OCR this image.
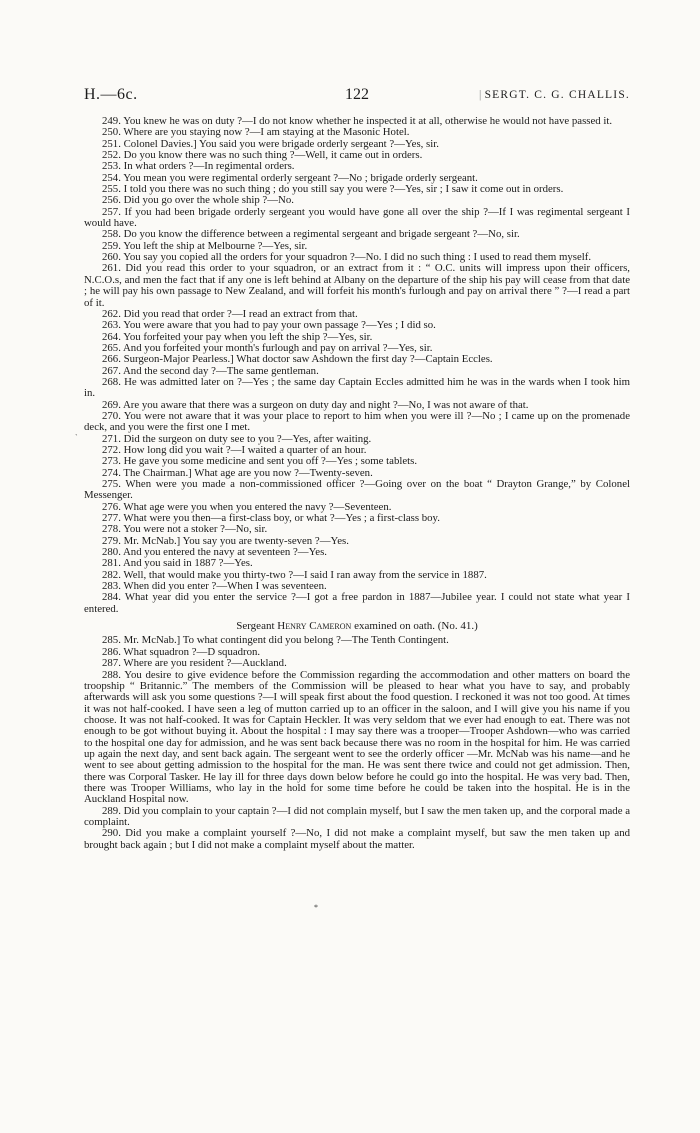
H.—6c.	122	| SERGT. C. G. CHALLIS.
ˋ
*

249. You knew he was on duty ?—I do not know whether he inspected it at all, otherwise he would not have passed it.

250. Where are you staying now ?—I am staying at the Masonic Hotel.

251. Colonel Davies.] You said you were brigade orderly sergeant ?—Yes, sir.

252. Do you know there was no such thing ?—Well, it came out in orders.

253. In what orders ?—In regimental orders.

254. You mean you were regimental orderly sergeant ?—No ; brigade orderly sergeant.

255. I told you there was no such thing ; do you still say you were ?—Yes, sir ; I saw it come out in orders.

256. Did you go over the whole ship ?—No.

257. If you had been brigade orderly sergeant you would have gone all over the ship ?—If I was regimental sergeant I would have.

258. Do you know the difference between a regimental sergeant and brigade sergeant ?—No, sir.

259. You left the ship at Melbourne ?—Yes, sir.

260. You say you copied all the orders for your squadron ?—No. I did no such thing : I used to read them myself.

261. Did you read this order to your squadron, or an extract from it : “ O.C. units will impress upon their officers, N.C.O.s, and men the fact that if any one is left behind at Albany on the departure of the ship his pay will cease from that date ; he will pay his own passage to New Zealand, and will forfeit his month's furlough and pay on arrival there ” ?—I read a part of it.

262. Did you read that order ?—I read an extract from that.

263. You were aware that you had to pay your own passage ?—Yes ; I did so.

264. You forfeited your pay when you left the ship ?—Yes, sir.

265. And you forfeited your month's furlough and pay on arrival ?—Yes, sir.

266. Surgeon-Major Pearless.] What doctor saw Ashdown the first day ?—Captain Eccles.

267. And the second day ?—The same gentleman.

268. He was admitted later on ?—Yes ; the same day Captain Eccles admitted him he was in the wards when I took him in.

269. Are you aware that there was a surgeon on duty day and night ?—No, I was not aware of that.

270. You were not aware that it was your place to report to him when you were ill ?—No ; I came up on the promenade deck, and you were the first one I met.

271. Did the surgeon on duty see to you ?—Yes, after waiting.

272. How long did you wait ?—I waited a quarter of an hour.

273. He gave you some medicine and sent you off ?—Yes ; some tablets.

274. The Chairman.] What age are you now ?—Twenty-seven.

275. When were you made a non-commissioned officer ?—Going over on the boat “ Drayton Grange,” by Colonel Messenger.

276. What age were you when you entered the navy ?—Seventeen.

277. What were you then—a first-class boy, or what ?—Yes ; a first-class boy.

278. You were not a stoker ?—No, sir.

279. Mr. McNab.] You say you are twenty-seven ?—Yes.

280. And you entered the navy at seventeen ?—Yes.

281. And you said in 1887 ?—Yes.

282. Well, that would make you thirty-two ?—I said I ran away from the service in 1887.

283. When did you enter ?—When I was seventeen.

284. What year did you enter the service ?—I got a free pardon in 1887—Jubilee year. I could not state what year I entered.

Sergeant Henry Cameron examined on oath. (No. 41.)

285. Mr. McNab.] To what contingent did you belong ?—The Tenth Contingent.

286. What squadron ?—D squadron.

287. Where are you resident ?—Auckland.

288. You desire to give evidence before the Commission regarding the accommodation and other matters on board the troopship “ Britannic.” The members of the Commission will be pleased to hear what you have to say, and probably afterwards will ask you some questions ?—I will speak first about the food question. I reckoned it was not too good. At times it was not half-cooked. I have seen a leg of mutton carried up to an officer in the saloon, and I will give you his name if you choose. It was not half-cooked. It was for Captain Heckler. It was very seldom that we ever had enough to eat. There was not enough to be got without buying it. About the hospital : I may say there was a trooper—Trooper Ashdown—who was carried to the hospital one day for admission, and he was sent back because there was no room in the hospital for him. He was carried up again the next day, and sent back again. The sergeant went to see the orderly officer —Mr. McNab was his name—and he went to see about getting admission to the hospital for the man. He was sent there twice and could not get admission. Then, there was Corporal Tasker. He lay ill for three days down below before he could go into the hospital. He was very bad. Then, there was Trooper Williams, who lay in the hold for some time before he could be taken into the hospital. He is in the Auckland Hospital now.

289. Did you complain to your captain ?—I did not complain myself, but I saw the men taken up, and the corporal made a complaint.

290. Did you make a complaint yourself ?—No, I did not make a complaint myself, but saw the men taken up and brought back again ; but I did not make a complaint myself about the matter.
